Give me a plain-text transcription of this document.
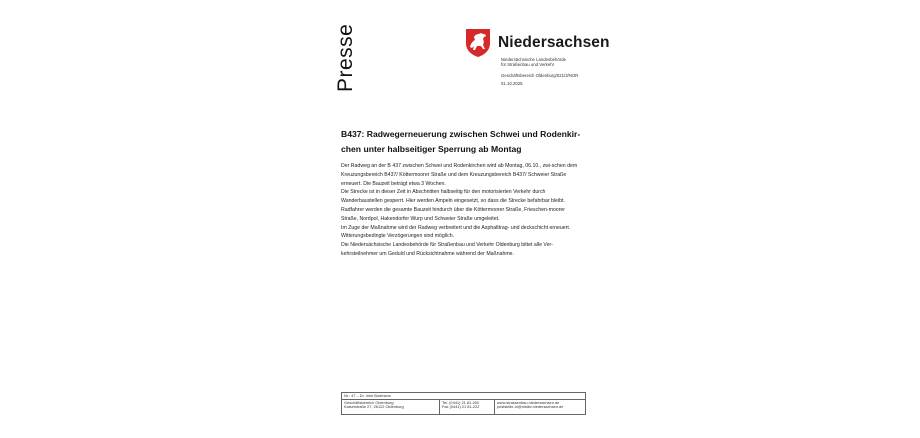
Presse	Niedersachsen
Niedersächsische Landesbehörde
für Straßenbau und Verkehr
Geschäftsbereich Oldenburg/021/3/NOR
01.10.2025
B437: Radwegerneuerung zwischen Schwei und Rodenkir-
chen unter halbseitiger Sperrung ab Montag

Der Radweg an der B 437 zwischen Schwei und Rodenkirchen wird ab Montag, 06.10., zwi-schen dem Kreuzungsbereich B437/ Köttermoorer Straße und dem Kreuzungsbereich B437/ Schweier Straße erneuert. Die Bauzeit beträgt etwa 3 Wochen.

Die Strecke ist in dieser Zeit in Abschnitten halbseitig für den motorisierten Verkehr durch Wanderbaustellen gesperrt. Hier werden Ampeln eingesetzt, so dass die Strecke befahrbar bleibt.

Radfahrer werden die gesamte Bauzeit hindurch über die Köttermoorer Straße, Frieschen-moorer Straße, Nordpol, Hakendorfer Wurp und Schweier Straße umgeleitet.

Im Zuge der Maßnahme wird der Radweg verbreitert und die Asphalttrag- und deckschicht erneuert.

Witterungsbedingte Verzögerungen sind möglich.

Die Niedersächsische Landesbehörde für Straßenbau und Verkehr Oldenburg bittet alle Ver-kehrsteilnehmer um Geduld und Rücksichtnahme während der Maßnahme.

Nr.: 47 – Dr. Inke Bodmann
Geschäftsbereich Oldenburg
Kaiserstraße 27, 26122 Oldenburg
Tel. (0441) 21 81-260
Fax (0441) 21 81-222
www.strassenbau.niedersachsen.de
poststelle-ol@nlstbv.niedersachsen.de
